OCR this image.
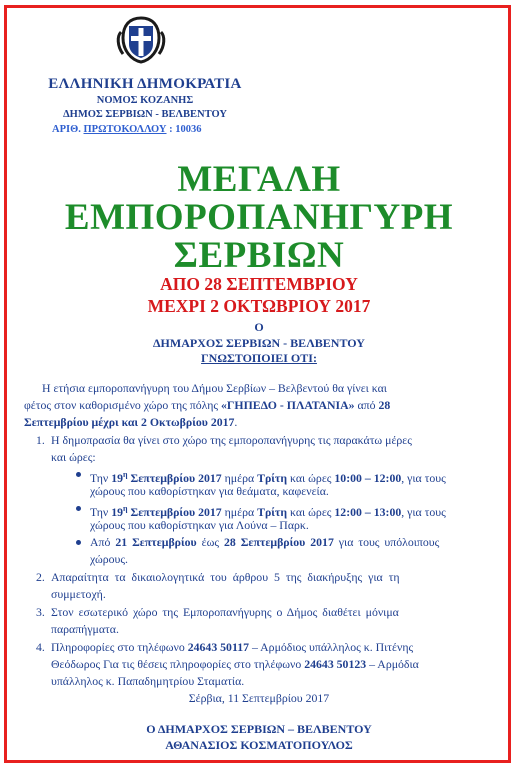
ΕΛΛΗΝΙΚΗ ΔΗΜΟΚΡΑΤΙΑ
ΝΟΜΟΣ ΚΟΖΑΝΗΣ
ΔΗΜΟΣ ΣΕΡΒΙΩΝ - ΒΕΛΒΕΝΤΟΥ
ΑΡΙΘ. ΠΡΩΤΟΚΟΛΛΟΥ : 10036
ΜΕΓΑΛΗ
ΕΜΠΟΡΟΠΑΝΗΓΥΡΗ
ΣΕΡΒΙΩΝ
ΑΠΟ 28 ΣΕΠΤΕΜΒΡΙΟΥ
ΜΕΧΡΙ 2 ΟΚΤΩΒΡΙΟΥ 2017
Ο
ΔΗΜΑΡΧΟΣ ΣΕΡΒΙΩΝ - ΒΕΛΒΕΝΤΟΥ
ΓΝΩΣΤΟΠΟΙΕΙ ΟΤΙ:
Η ετήσια εμποροπανήγυρη του Δήμου Σερβίων – Βελβεντού θα γίνει και
φέτος στον καθορισμένο χώρο της πόλης «ΓΗΠΕΔΟ - ΠΛΑΤΑΝΙΑ» από 28
Σεπτεμβρίου μέχρι και 2 Οκτωβρίου 2017.
1. Η δημοπρασία θα γίνει στο χώρο της εμποροπανήγυρης τις παρακάτω μέρες
και ώρες:
Την $19^\eta$ Σεπτεμβρίου 2017 ημέρα Τρίτη και ώρες 10:00 – 12:00, για τους
χώρους που καθορίστηκαν για θεάματα, καφενεία.
Την $19^\eta$ Σεπτεμβρίου 2017 ημέρα Τρίτη και ώρες 12:00 – 13:00, για τους
χώρους που καθορίστηκαν για Λούνα – Παρκ.
Από 21 Σεπτεμβρίου έως 28 Σεπτεμβρίου 2017 για τους υπόλοιπους
χώρους.
2. Απαραίτητα τα δικαιολογητικά του άρθρου 5 της διακήρυξης για τη
συμμετοχή.
3. Στον εσωτερικό χώρο της Εμποροπανήγυρης ο Δήμος διαθέτει μόνιμα
παραπήγματα.
4. Πληροφορίες στο τηλέφωνο 24643 50117 – Αρμόδιος υπάλληλος κ. Πιτένης
Θεόδωρος Για τις θέσεις πληροφορίες στο τηλέφωνο 24643 50123 – Αρμόδια
υπάλληλος κ. Παπαδημητρίου Σταματία.
Σέρβια, 11 Σεπτεμβρίου 2017
Ο ΔΗΜΑΡΧΟΣ ΣΕΡΒΙΩΝ – ΒΕΛΒΕΝΤΟΥ
ΑΘΑΝΑΣΙΟΣ ΚΟΣΜΑΤΟΠΟΥΛΟΣ
